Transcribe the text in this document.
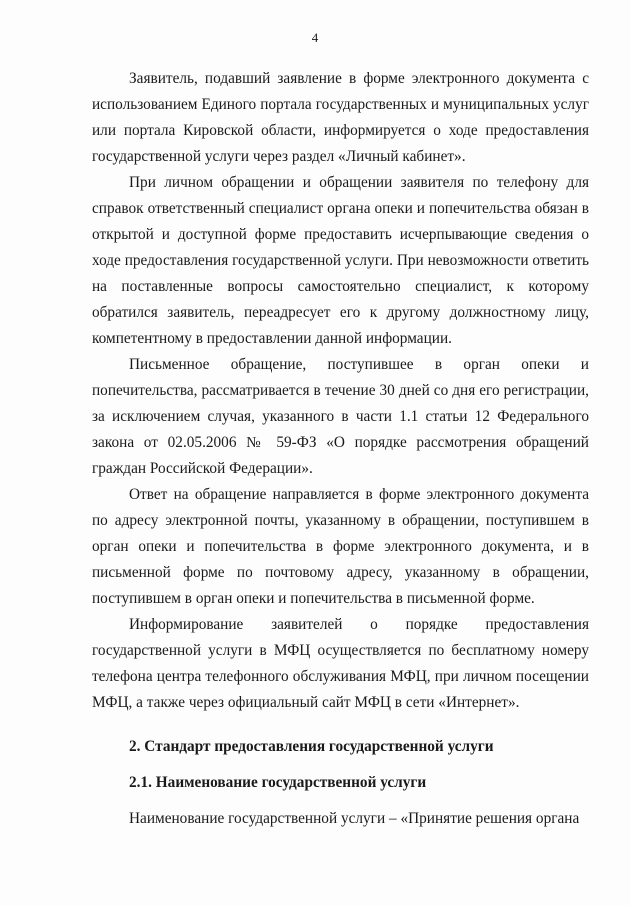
4

Заявитель, подавший заявление в форме электронного документа с использованием Единого портала государственных и муниципальных услуг или портала Кировской области, информируется о ходе предоставления государственной услуги через раздел «Личный кабинет».

При личном обращении и обращении заявителя по телефону для справок ответственный специалист органа опеки и попечительства обязан в открытой и доступной форме предоставить исчерпывающие сведения о ходе предоставления государственной услуги. При невозможности ответить на поставленные вопросы самостоятельно специалист, к которому обратился заявитель, переадресует его к другому должностному лицу, компетентному в предоставлении данной информации.

Письменное обращение, поступившее в орган опеки и попечительства, рассматривается в течение 30 дней со дня его регистрации, за исключением случая, указанного в части 1.1 статьи 12 Федерального закона от 02.05.2006 № 59-ФЗ «О порядке рассмотрения обращений граждан Российской Федерации».

Ответ на обращение направляется в форме электронного документа по адресу электронной почты, указанному в обращении, поступившем в орган опеки и попечительства в форме электронного документа, и в письменной форме по почтовому адресу, указанному в обращении, поступившем в орган опеки и попечительства в письменной форме.

Информирование заявителей о порядке предоставления государственной услуги в МФЦ осуществляется по бесплатному номеру телефона центра телефонного обслуживания МФЦ, при личном посещении МФЦ, а также через официальный сайт МФЦ в сети «Интернет».

2. Стандарт предоставления государственной услуги

2.1. Наименование государственной услуги

Наименование государственной услуги – «Принятие решения органа
